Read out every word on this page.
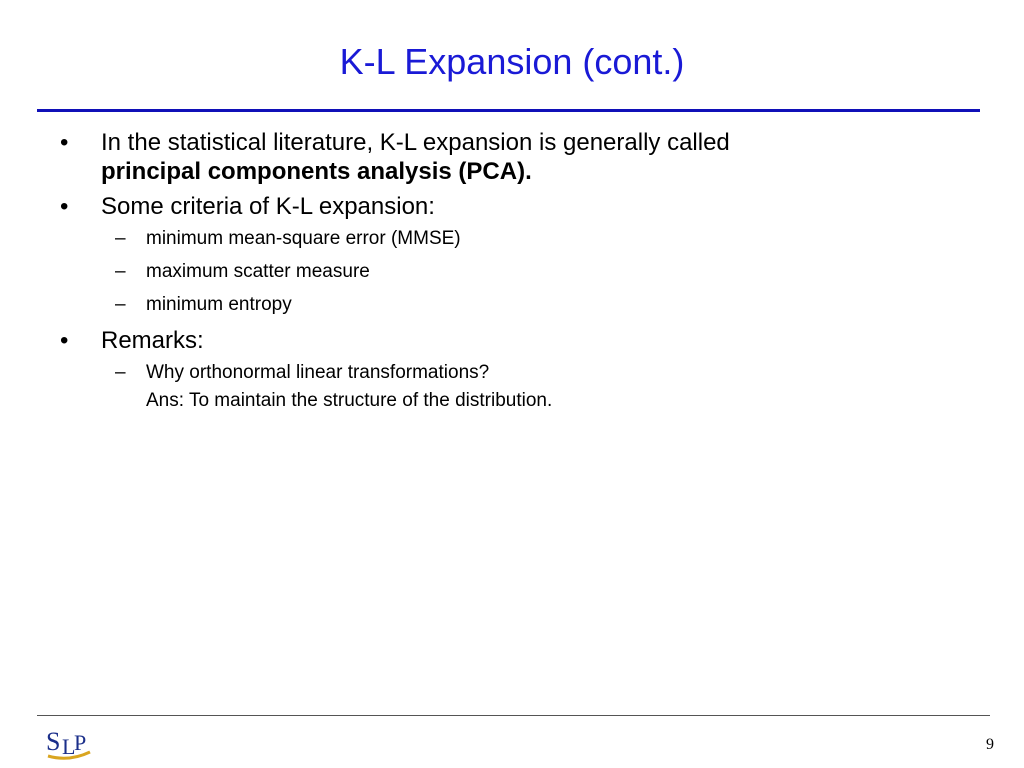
K-L Expansion (cont.)
• In the statistical literature, K-L expansion is generally called
principal components analysis (PCA).
• Some criteria of K-L expansion:
– minimum mean-square error (MMSE)
– maximum scatter measure
– minimum entropy
• Remarks:
– Why orthonormal linear transformations?
Ans: To maintain the structure of the distribution.
S L
P	9
